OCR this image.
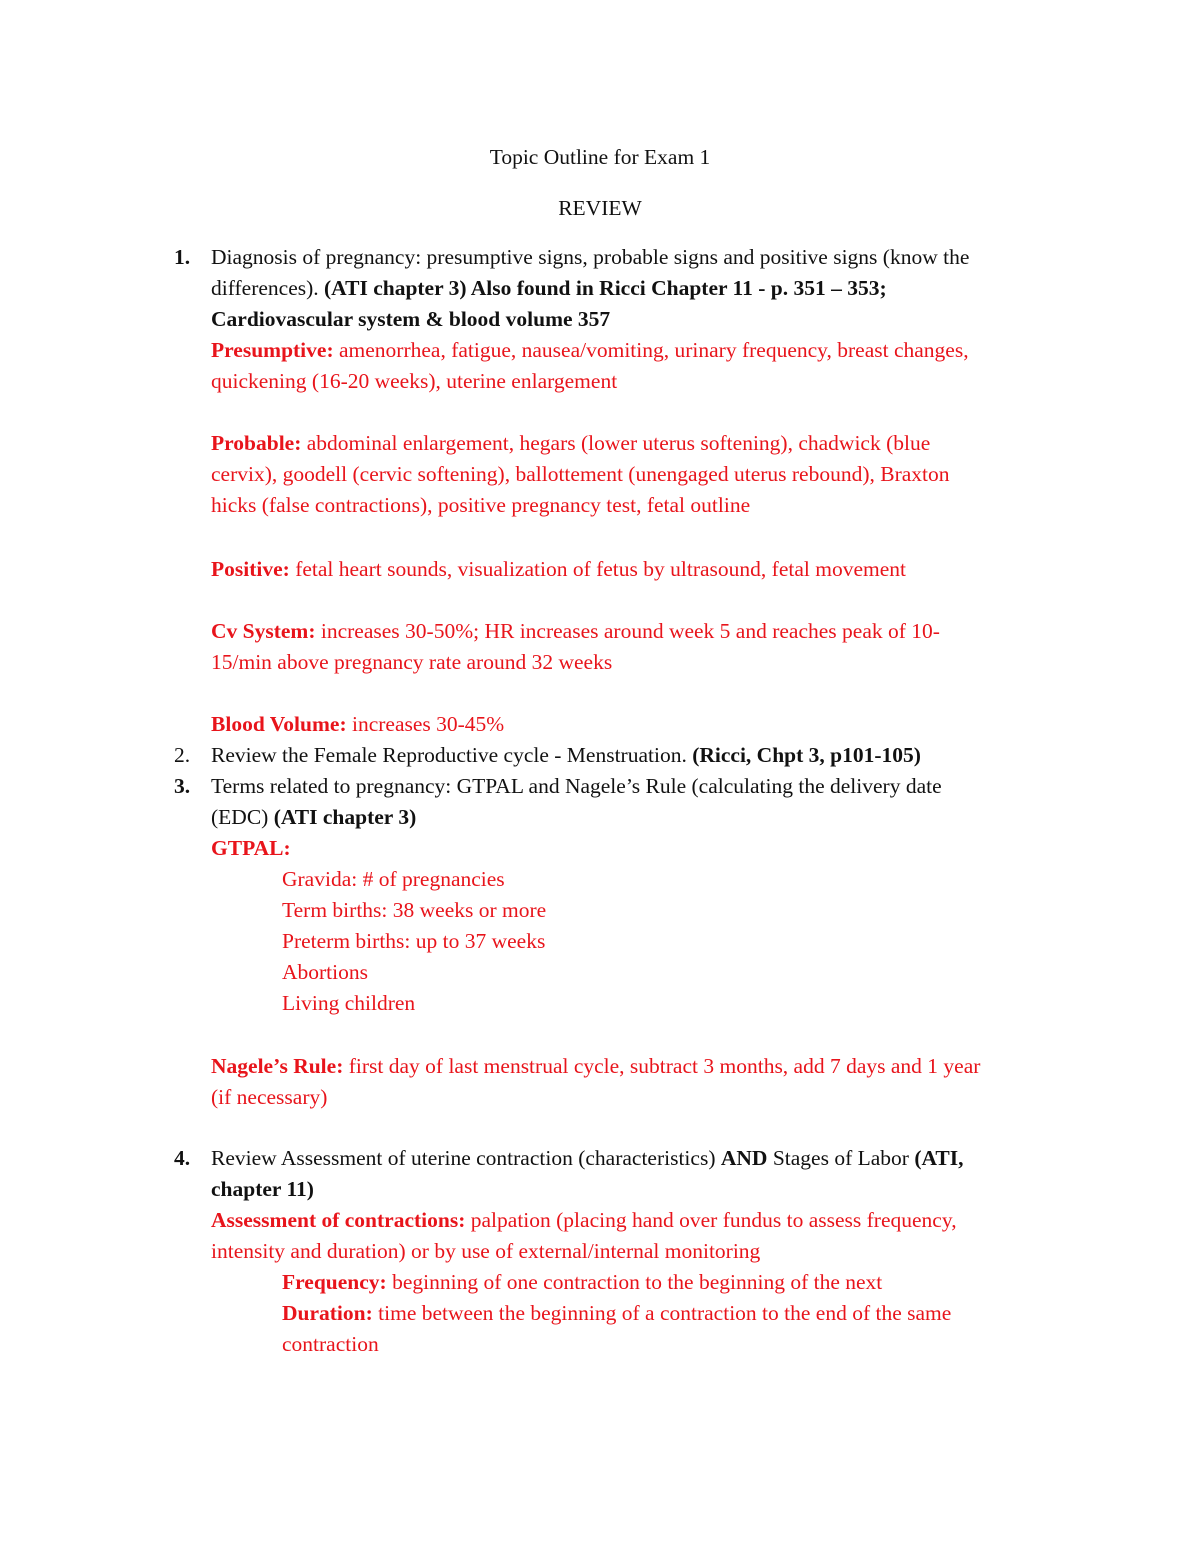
Topic Outline for Exam 1
REVIEW
1. Diagnosis of pregnancy: presumptive signs, probable signs and positive signs (know the

differences). (ATI chapter 3) Also found in Ricci Chapter 11 - p. 351 – 353;

Cardiovascular system & blood volume 357

Presumptive: amenorrhea, fatigue, nausea/vomiting, urinary frequency, breast changes,

quickening (16-20 weeks), uterine enlargement

Probable: abdominal enlargement, hegars (lower uterus softening), chadwick (blue

cervix), goodell (cervic softening), ballottement (unengaged uterus rebound), Braxton

hicks (false contractions), positive pregnancy test, fetal outline

Positive: fetal heart sounds, visualization of fetus by ultrasound, fetal movement

Cv System: increases 30-50%; HR increases around week 5 and reaches peak of 10-

15/min above pregnancy rate around 32 weeks

Blood Volume: increases 30-45%

2. Review the Female Reproductive cycle - Menstruation. (Ricci, Chpt 3, p101-105)

3. Terms related to pregnancy: GTPAL and Nagele’s Rule (calculating the delivery date

(EDC) (ATI chapter 3)

GTPAL:

Gravida: # of pregnancies

Term births: 38 weeks or more

Preterm births: up to 37 weeks

Abortions

Living children

Nagele’s Rule: first day of last menstrual cycle, subtract 3 months, add 7 days and 1 year

(if necessary)

4. Review Assessment of uterine contraction (characteristics) AND Stages of Labor (ATI,

chapter 11)

Assessment of contractions: palpation (placing hand over fundus to assess frequency,

intensity and duration) or by use of external/internal monitoring

Frequency: beginning of one contraction to the beginning of the next

Duration: time between the beginning of a contraction to the end of the same

contraction
